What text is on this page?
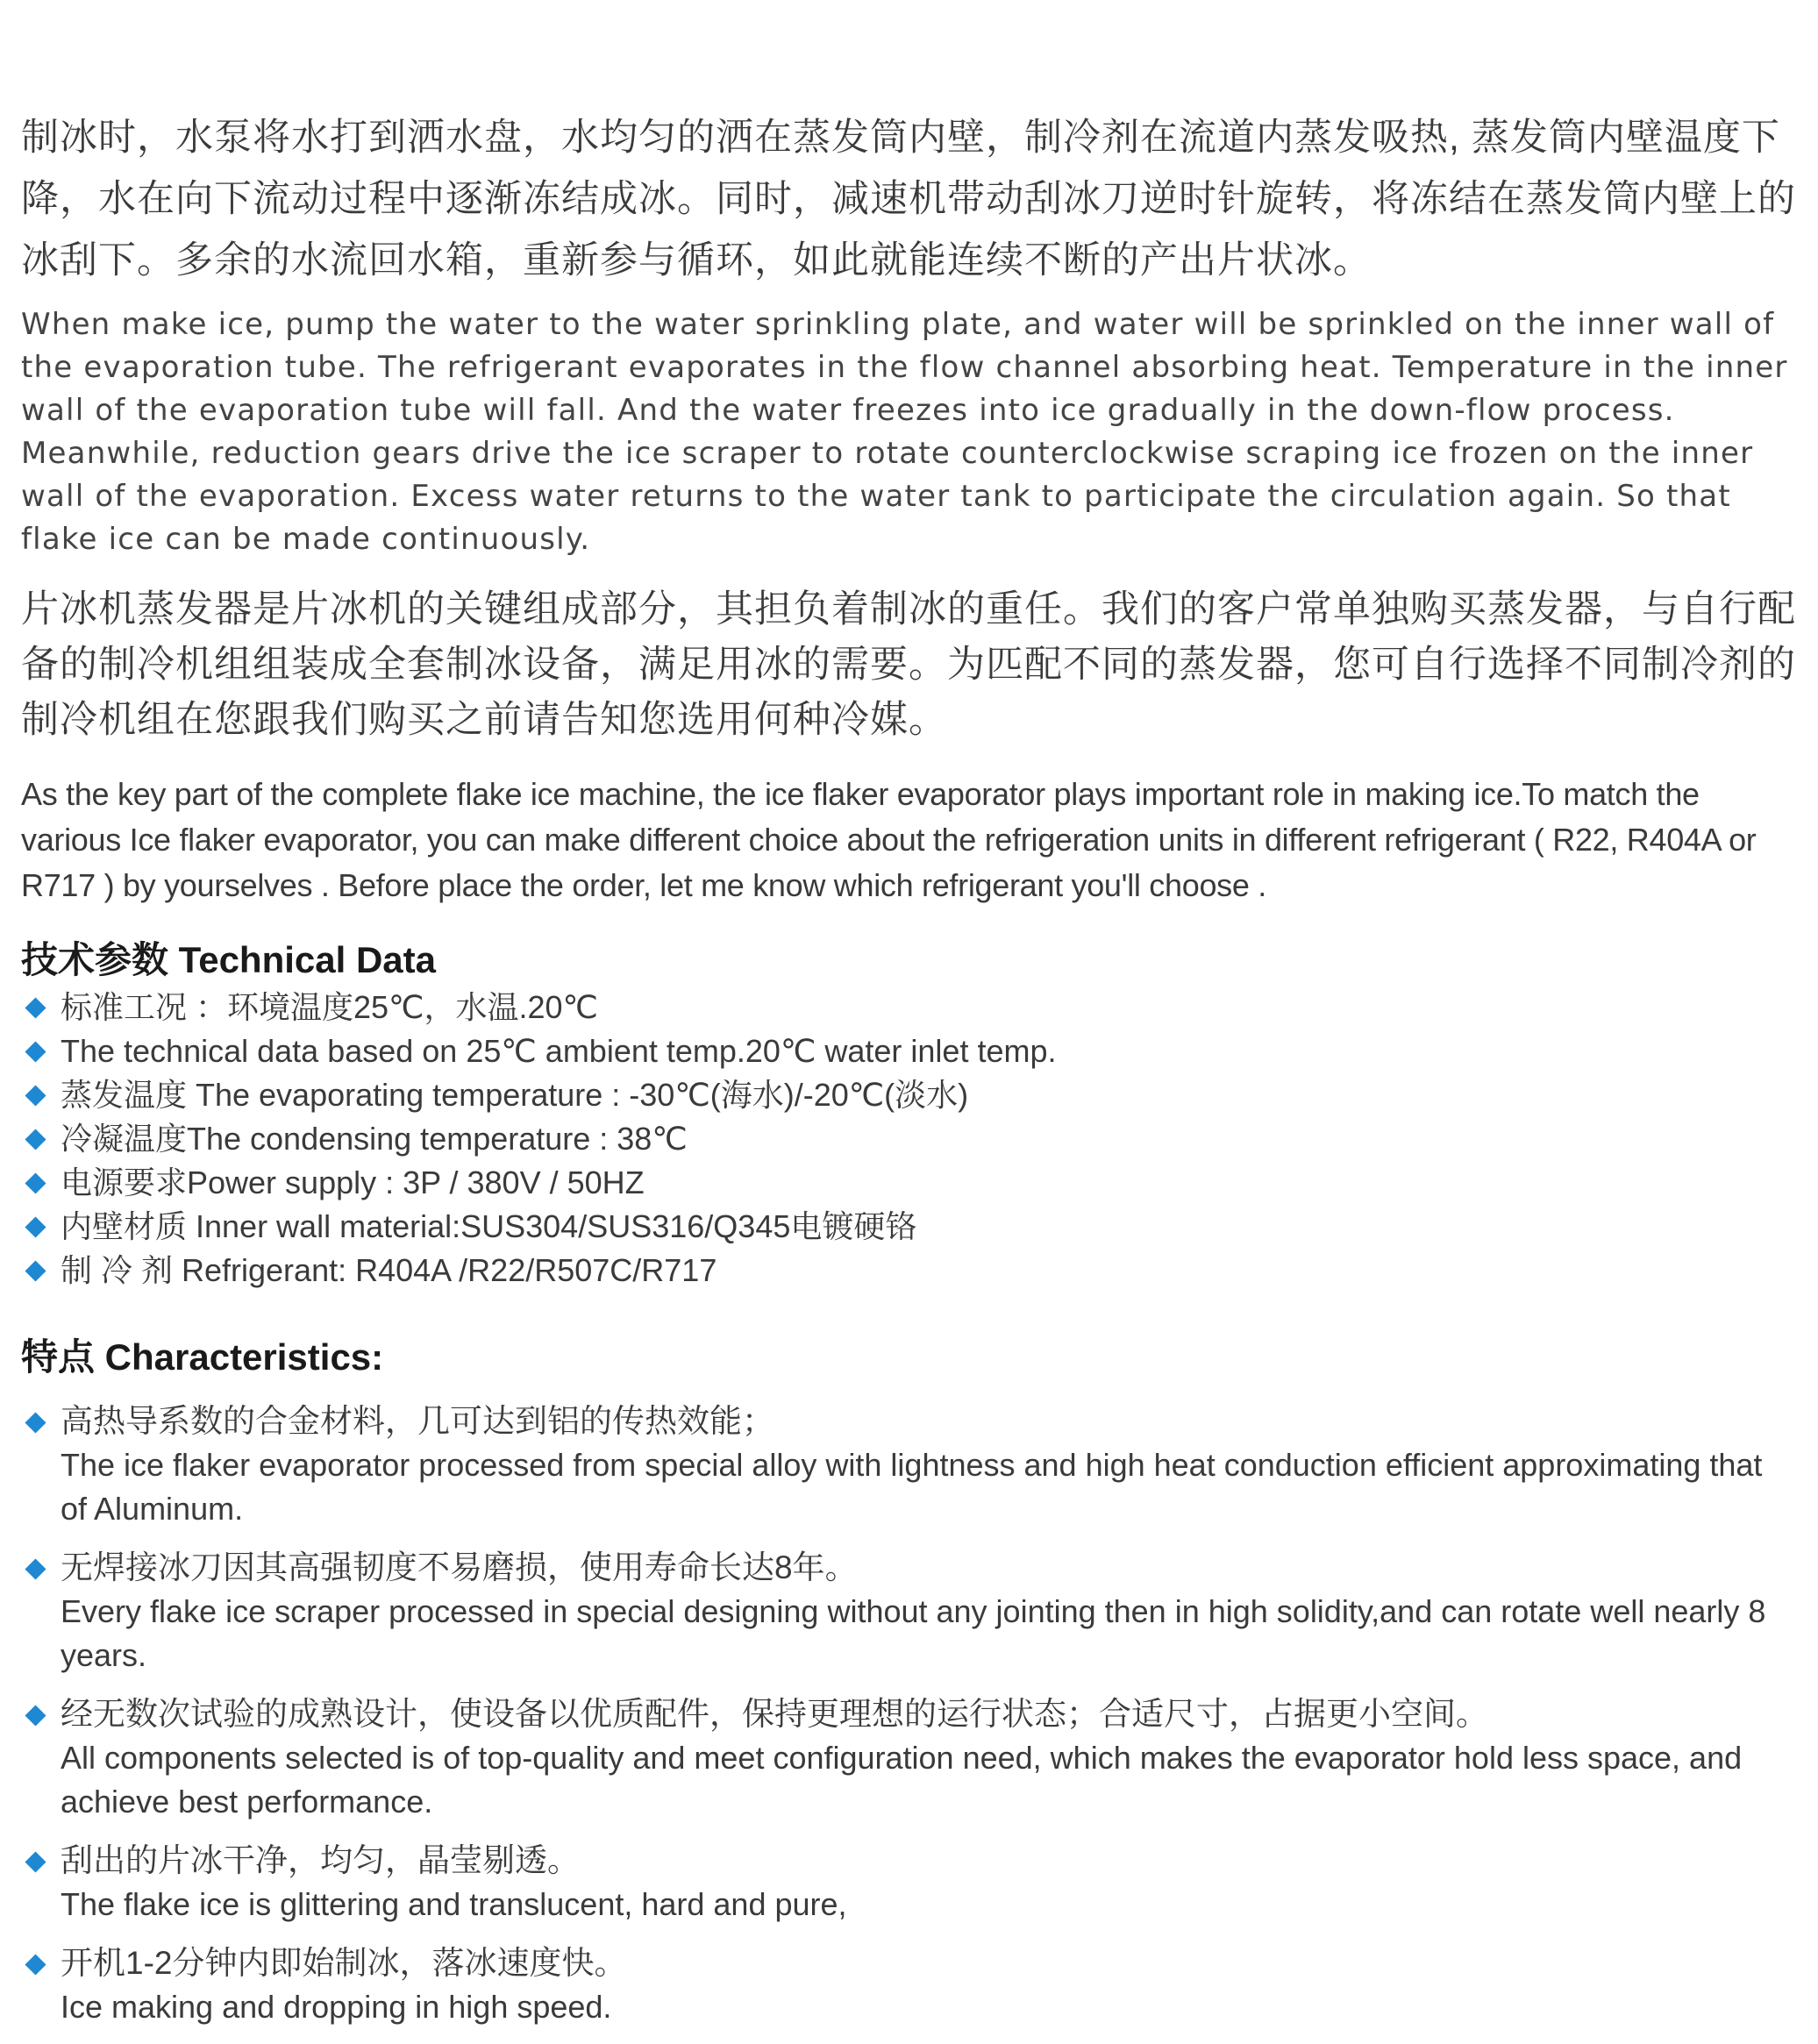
制冰时，水泵将水打到洒水盘，水均匀的洒在蒸发筒内壁，制冷剂在流道内蒸发吸热, 蒸发筒内壁温度下降，水在向下流动过程中逐渐冻结成冰。同时，减速机带动刮冰刀逆时针旋转，将冻结在蒸发筒内壁上的冰刮下。多余的水流回水箱，重新参与循环，如此就能连续不断的产出片状冰。

When make ice, pump the water to the water sprinkling plate, and water will be sprinkled on the inner wall of the evaporation tube. The refrigerant evaporates in the flow channel absorbing heat. Temperature in the inner wall of the evaporation tube will fall. And the water freezes into ice gradually in the down-flow process. Meanwhile, reduction gears drive the ice scraper to rotate counterclockwise scraping ice frozen on the inner wall of the evaporation. Excess water returns to the water tank to participate the circulation again. So that flake ice can be made continuously.

片冰机蒸发器是片冰机的关键组成部分，其担负着制冰的重任。我们的客户常单独购买蒸发器，与自行配备的制冷机组组装成全套制冰设备，满足用冰的需要。为匹配不同的蒸发器，您可自行选择不同制冷剂的制冷机组在您跟我们购买之前请告知您选用何种冷媒。

As the key part of the complete flake ice machine, the ice flaker evaporator plays important role in making ice.To match the various Ice flaker evaporator, you can make different choice about the refrigeration units in different refrigerant ( R22, R404A or R717 ) by yourselves . Before place the order, let me know which refrigerant you'll choose .

技术参数 Technical Data
标准工况 ：环境温度25℃，水温.20℃
The technical data based on 25℃ ambient temp.20℃ water inlet temp.
蒸发温度 The evaporating temperature : -30℃(海水)/-20℃(淡水)
冷凝温度The condensing temperature : 38℃
电源要求Power supply : 3P / 380V / 50HZ
内壁材质 Inner wall material:SUS304/SUS316/Q345电镀硬铬
制 冷 剂 Refrigerant: R404A /R22/R507C/R717
特点 Characteristics:
高热导系数的合金材料，几可达到铝的传热效能；
The ice flaker evaporator processed from special alloy with lightness and high heat conduction efficient approximating that of Aluminum.
无焊接冰刀因其高强韧度不易磨损，使用寿命长达8年。
Every flake ice scraper processed in special designing without any jointing then in high solidity,and can rotate well nearly 8 years.
经无数次试验的成熟设计，使设备以优质配件，保持更理想的运行状态；合适尺寸，占据更小空间。
All components selected is of top-quality and meet configuration need, which makes the evaporator hold less space, and achieve best performance.
刮出的片冰干净，均匀，晶莹剔透。
The flake ice is glittering and translucent, hard and pure,
开机1-2分钟内即始制冰，落冰速度快。
Ice making and dropping in high speed.
